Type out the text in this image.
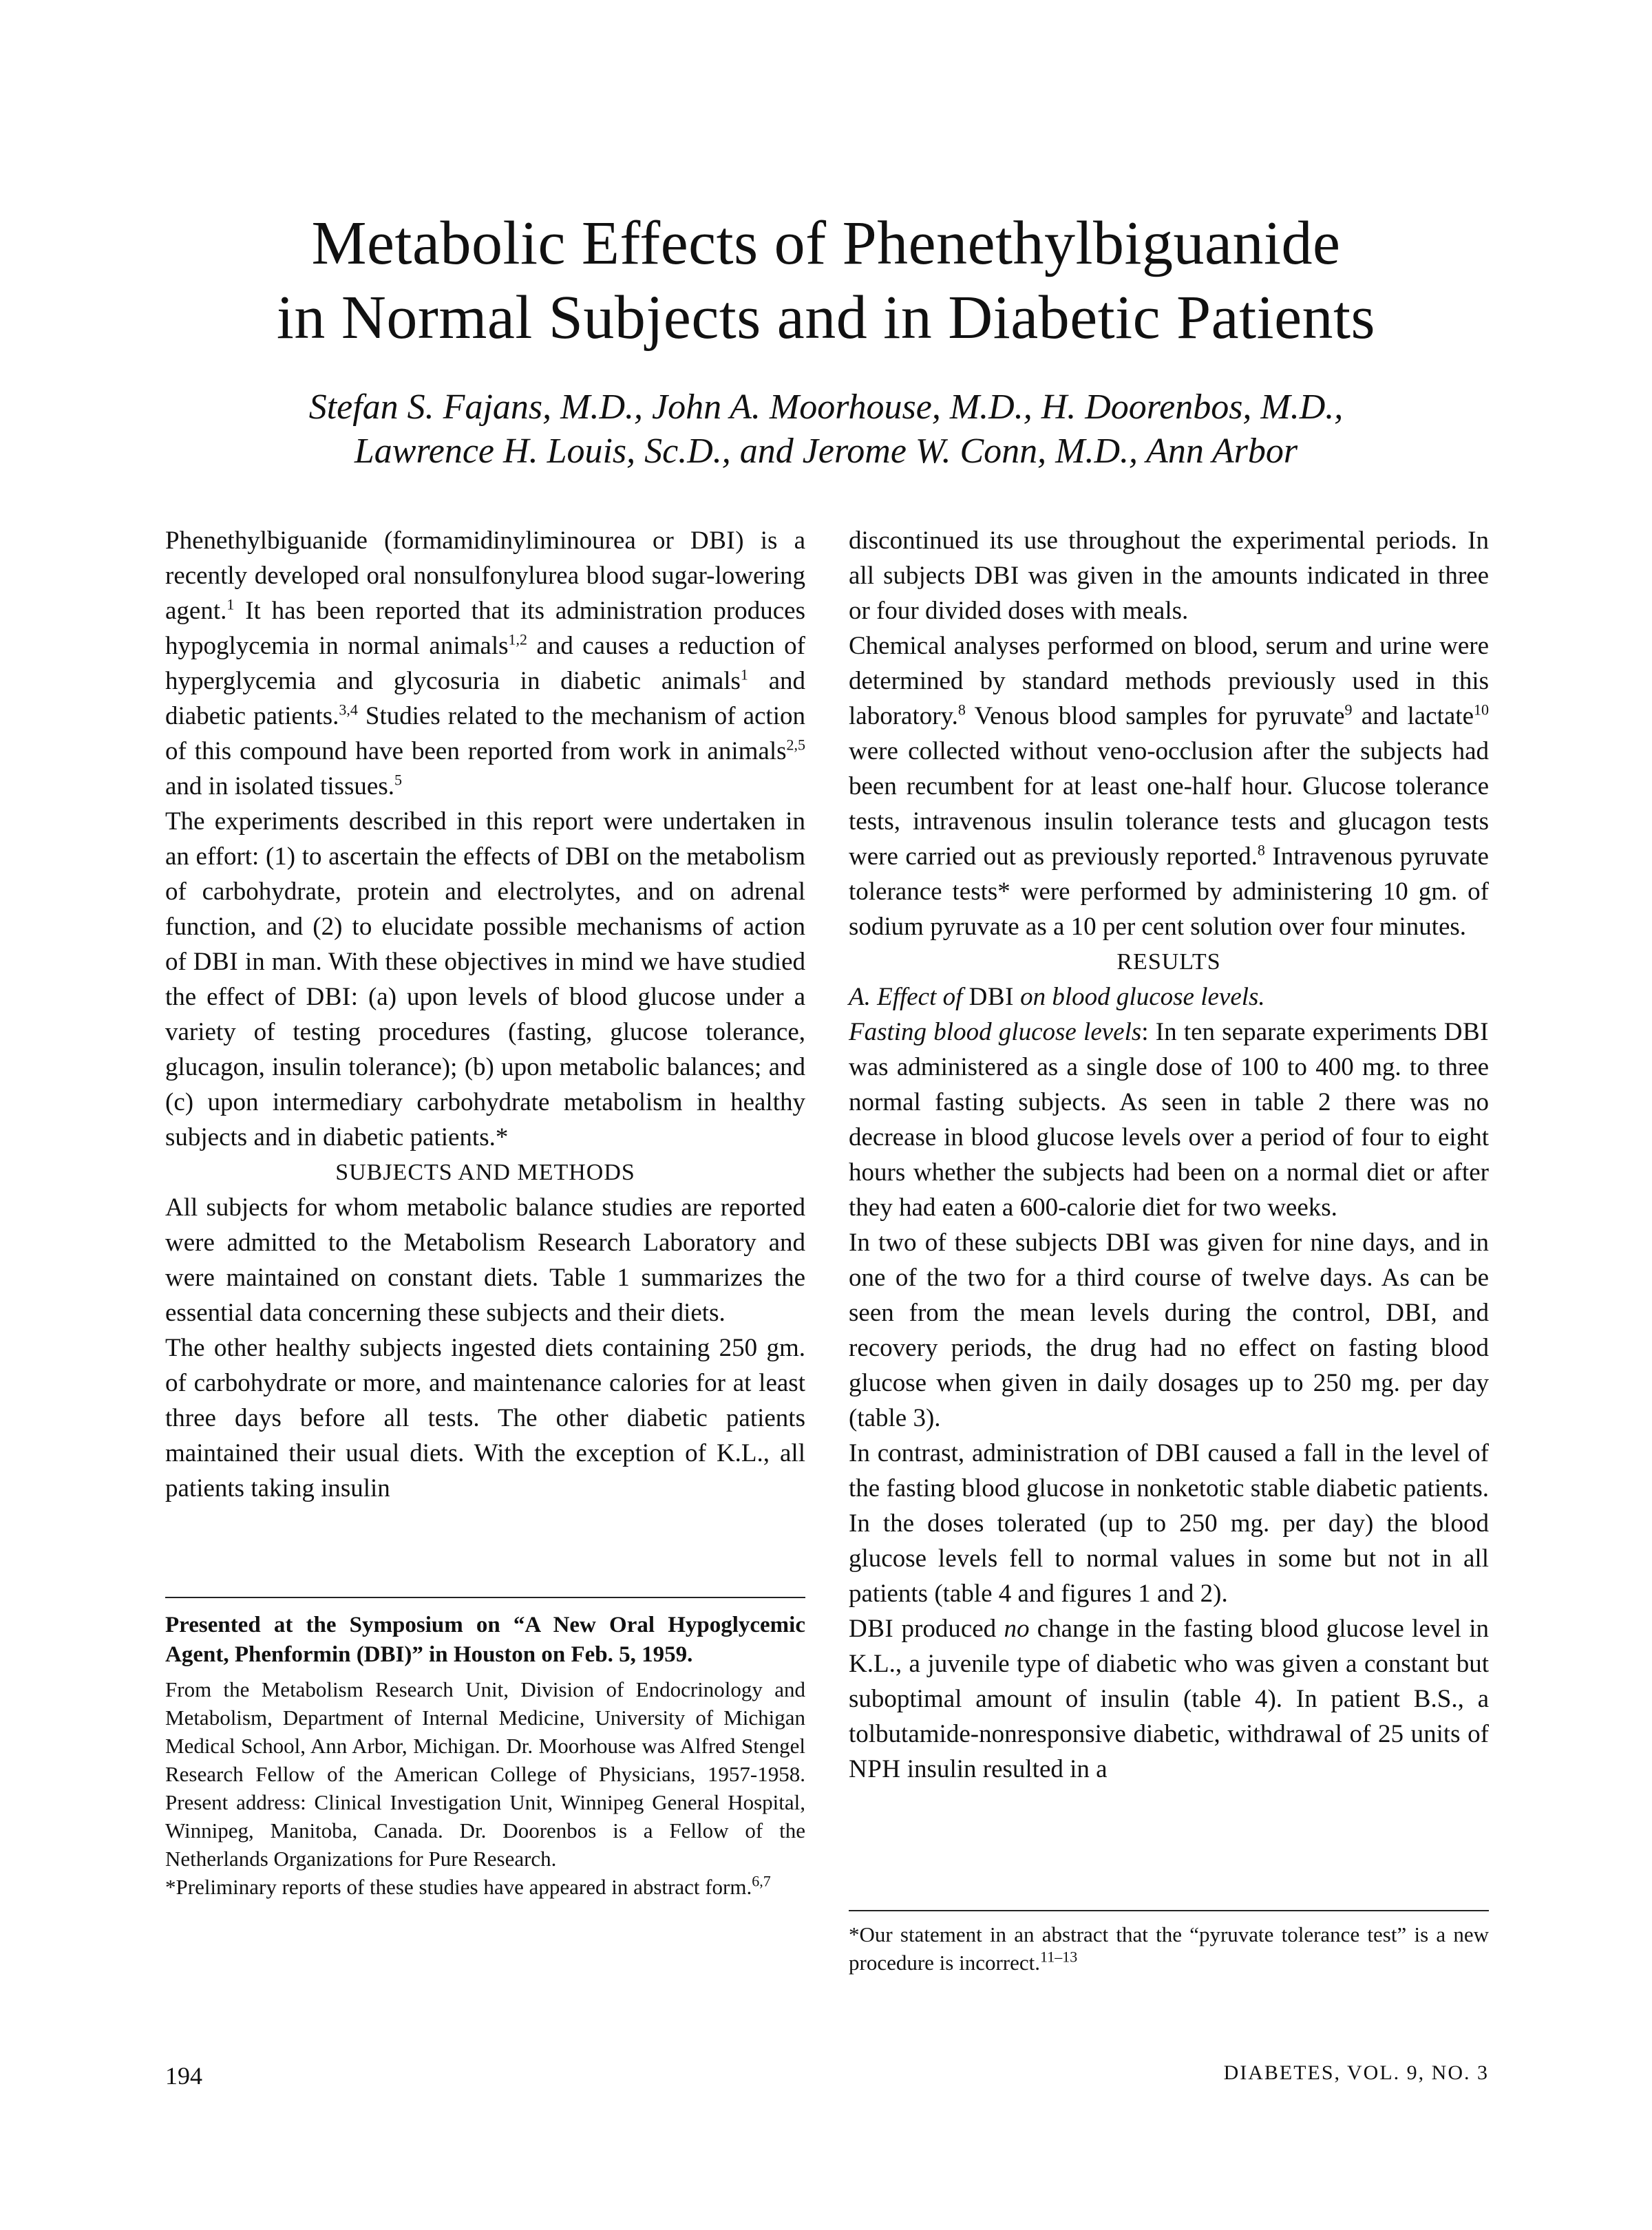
Metabolic Effects of Phenethylbiguanide
in Normal Subjects and in Diabetic Patients
Stefan S. Fajans, M.D., John A. Moorhouse, M.D., H. Doorenbos, M.D.,
Lawrence H. Louis, Sc.D., and Jerome W. Conn, M.D., Ann Arbor

Phenethylbiguanide (formamidinyliminourea or DBI) is a recently developed oral nonsulfonylurea blood sugar-lowering agent.$^1$ It has been reported that its administration produces hypoglycemia in normal animals$^{1,2}$ and causes a reduction of hyperglycemia and glycosuria in diabetic animals$^1$ and diabetic patients.$^{3,4}$ Studies related to the mechanism of action of this compound have been reported from work in animals$^{2,5}$ and in isolated tissues.$^5$

The experiments described in this report were undertaken in an effort: (1) to ascertain the effects of DBI on the metabolism of carbohydrate, protein and electrolytes, and on adrenal function, and (2) to elucidate possible mechanisms of action of DBI in man. With these objectives in mind we have studied the effect of DBI: (a) upon levels of blood glucose under a variety of testing procedures (fasting, glucose tolerance, glucagon, insulin tolerance); (b) upon metabolic balances; and (c) upon intermediary carbohydrate metabolism in healthy subjects and in diabetic patients.*

SUBJECTS AND METHODS

All subjects for whom metabolic balance studies are reported were admitted to the Metabolism Research Laboratory and were maintained on constant diets. Table 1 summarizes the essential data concerning these subjects and their diets.

The other healthy subjects ingested diets containing 250 gm. of carbohydrate or more, and maintenance calories for at least three days before all tests. The other diabetic patients maintained their usual diets. With the exception of K.L., all patients taking insulin

Presented at the Symposium on “A New Oral Hypoglycemic Agent, Phenformin (DBI)” in Houston on Feb. 5, 1959.

From the Metabolism Research Unit, Division of Endocrinology and Metabolism, Department of Internal Medicine, University of Michigan Medical School, Ann Arbor, Michigan. Dr. Moorhouse was Alfred Stengel Research Fellow of the American College of Physicians, 1957-1958. Present address: Clinical Investigation Unit, Winnipeg General Hospital, Winnipeg, Manitoba, Canada. Dr. Doorenbos is a Fellow of the Netherlands Organizations for Pure Research.

*Preliminary reports of these studies have appeared in abstract form.$^{6,7}$

discontinued its use throughout the experimental periods. In all subjects DBI was given in the amounts indicated in three or four divided doses with meals.

Chemical analyses performed on blood, serum and urine were determined by standard methods previously used in this laboratory.$^8$ Venous blood samples for pyruvate$^9$ and lactate$^{10}$ were collected without veno-occlusion after the subjects had been recumbent for at least one-half hour. Glucose tolerance tests, intravenous insulin tolerance tests and glucagon tests were carried out as previously reported.$^8$ Intravenous pyruvate tolerance tests* were performed by administering 10 gm. of sodium pyruvate as a 10 per cent solution over four minutes.

RESULTS

A. Effect of DBI on blood glucose levels.

Fasting blood glucose levels: In ten separate experiments DBI was administered as a single dose of 100 to 400 mg. to three normal fasting subjects. As seen in table 2 there was no decrease in blood glucose levels over a period of four to eight hours whether the subjects had been on a normal diet or after they had eaten a 600-calorie diet for two weeks.

In two of these subjects DBI was given for nine days, and in one of the two for a third course of twelve days. As can be seen from the mean levels during the control, DBI, and recovery periods, the drug had no effect on fasting blood glucose when given in daily dosages up to 250 mg. per day (table 3).

In contrast, administration of DBI caused a fall in the level of the fasting blood glucose in nonketotic stable diabetic patients. In the doses tolerated (up to 250 mg. per day) the blood glucose levels fell to normal values in some but not in all patients (table 4 and figures 1 and 2).

DBI produced no change in the fasting blood glucose level in K.L., a juvenile type of diabetic who was given a constant but suboptimal amount of insulin (table 4). In patient B.S., a tolbutamide-nonresponsive diabetic, withdrawal of 25 units of NPH insulin resulted in a

*Our statement in an abstract that the “pyruvate tolerance test” is a new procedure is incorrect.$^{11-13}$
194	DIABETES, VOL. 9, NO. 3
